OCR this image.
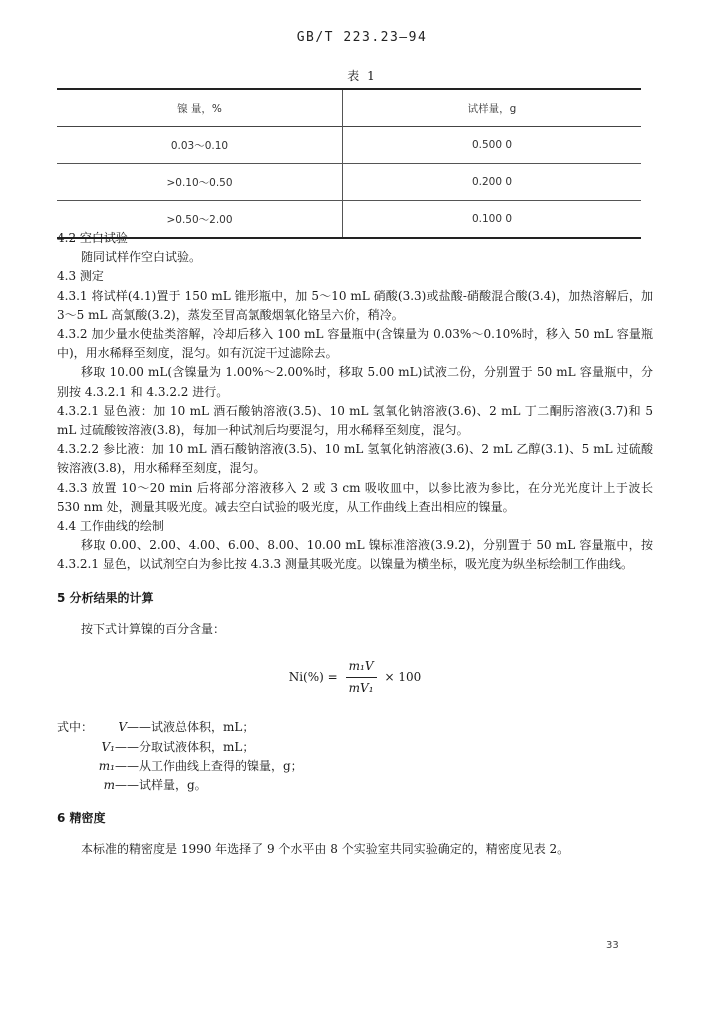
GB/T 223.23—94
表 1
镍 量，%	试样量，g
0.03～0.10	0.500 0
>0.10～0.50	0.200 0
>0.50～2.00	0.100 0

4.2 空白试验

随同试样作空白试验。

4.3 测定

4.3.1 将试样(4.1)置于 150 mL 锥形瓶中，加 5～10 mL 硝酸(3.3)或盐酸-硝酸混合酸(3.4)，加热溶解后，加 3～5 mL 高氯酸(3.2)，蒸发至冒高氯酸烟氧化铬呈六价，稍冷。

4.3.2 加少量水使盐类溶解，冷却后移入 100 mL 容量瓶中(含镍量为 0.03%～0.10%时，移入 50 mL 容量瓶中)，用水稀释至刻度，混匀。如有沉淀干过滤除去。

移取 10.00 mL(含镍量为 1.00%～2.00%时，移取 5.00 mL)试液二份，分别置于 50 mL 容量瓶中，分别按 4.3.2.1 和 4.3.2.2 进行。

4.3.2.1 显色液：加 10 mL 酒石酸钠溶液(3.5)、10 mL 氢氧化钠溶液(3.6)、2 mL 丁二酮肟溶液(3.7)和 5 mL 过硫酸铵溶液(3.8)，每加一种试剂后均要混匀，用水稀释至刻度，混匀。

4.3.2.2 参比液：加 10 mL 酒石酸钠溶液(3.5)、10 mL 氢氧化钠溶液(3.6)、2 mL 乙醇(3.1)、5 mL 过硫酸铵溶液(3.8)，用水稀释至刻度，混匀。

4.3.3 放置 10～20 min 后将部分溶液移入 2 或 3 cm 吸收皿中，以参比液为参比，在分光光度计上于波长 530 nm 处，测量其吸光度。减去空白试验的吸光度，从工作曲线上查出相应的镍量。

4.4 工作曲线的绘制

移取 0.00、2.00、4.00、6.00、8.00、10.00 mL 镍标准溶液(3.9.2)，分别置于 50 mL 容量瓶中，按 4.3.2.1 显色，以试剂空白为参比按 4.3.3 测量其吸光度。以镍量为横坐标，吸光度为纵坐标绘制工作曲线。

5 分析结果的计算

按下式计算镍的百分含量：

$Ni(\%) = \frac{\text{m₁V}}{\text{mV₁}} \times 100$

式中： V——试液总体积，mL；

V₁——分取试液体积，mL；

m₁——从工作曲线上查得的镍量，g；

m——试样量，g。

6 精密度

本标准的精密度是 1990 年选择了 9 个水平由 8 个实验室共同实验确定的，精密度见表 2。

33
